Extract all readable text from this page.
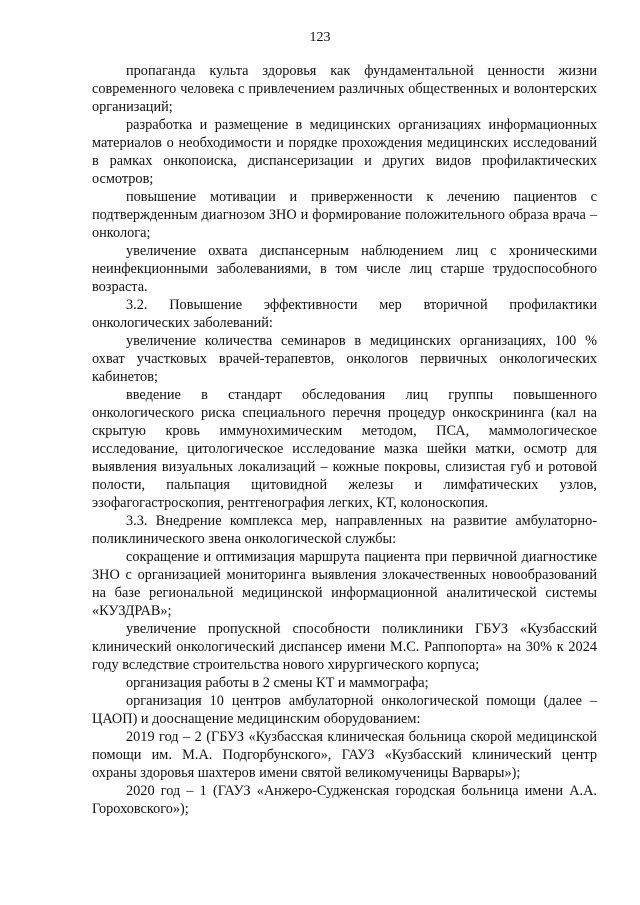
123

пропаганда культа здоровья как фундаментальной ценности жизни современного человека с привлечением различных общественных и волонтерских организаций;

разработка и размещение в медицинских организациях информационных материалов о необходимости и порядке прохождения медицинских исследований в рамках онкопоиска, диспансеризации и других видов профилактических осмотров;

повышение мотивации и приверженности к лечению пациентов с подтвержденным диагнозом ЗНО и формирование положительного образа врача – онколога;

увеличение охвата диспансерным наблюдением лиц с хроническими неинфекционными заболеваниями, в том числе лиц старше трудоспособного возраста.

3.2. Повышение эффективности мер вторичной профилактики онкологических заболеваний:

увеличение количества семинаров в медицинских организациях, 100 % охват участковых врачей-терапевтов, онкологов первичных онкологических кабинетов;

введение в стандарт обследования лиц группы повышенного онкологического риска специального перечня процедур онкоскрининга (кал на скрытую кровь иммунохимическим методом, ПСА, маммологическое исследование, цитологическое исследование мазка шейки матки, осмотр для выявления визуальных локализаций – кожные покровы, слизистая губ и ротовой полости, пальпация щитовидной железы и лимфатических узлов, эзофагогастроскопия, рентгенография легких, КТ, колоноскопия.

3.3. Внедрение комплекса мер, направленных на развитие амбулаторно-поликлинического звена онкологической службы:

сокращение и оптимизация маршрута пациента при первичной диагностике ЗНО с организацией мониторинга выявления злокачественных новообразований на базе региональной медицинской информационной аналитической системы «КУЗДРАВ»;

увеличение пропускной способности поликлиники ГБУЗ «Кузбасский клинический онкологический диспансер имени М.С. Раппопорта» на 30% к 2024 году вследствие строительства нового хирургического корпуса;

организация работы в 2 смены КТ и маммографа;

организация 10 центров амбулаторной онкологической помощи (далее – ЦАОП) и дооснащение медицинским оборудованием:

2019 год – 2 (ГБУЗ «Кузбасская клиническая больница скорой медицинской помощи им. М.А. Подгорбунского», ГАУЗ «Кузбасский клинический центр охраны здоровья шахтеров имени святой великомученицы Варвары»);

2020 год – 1 (ГАУЗ «Анжеро-Судженская городская больница имени А.А. Гороховского»);
